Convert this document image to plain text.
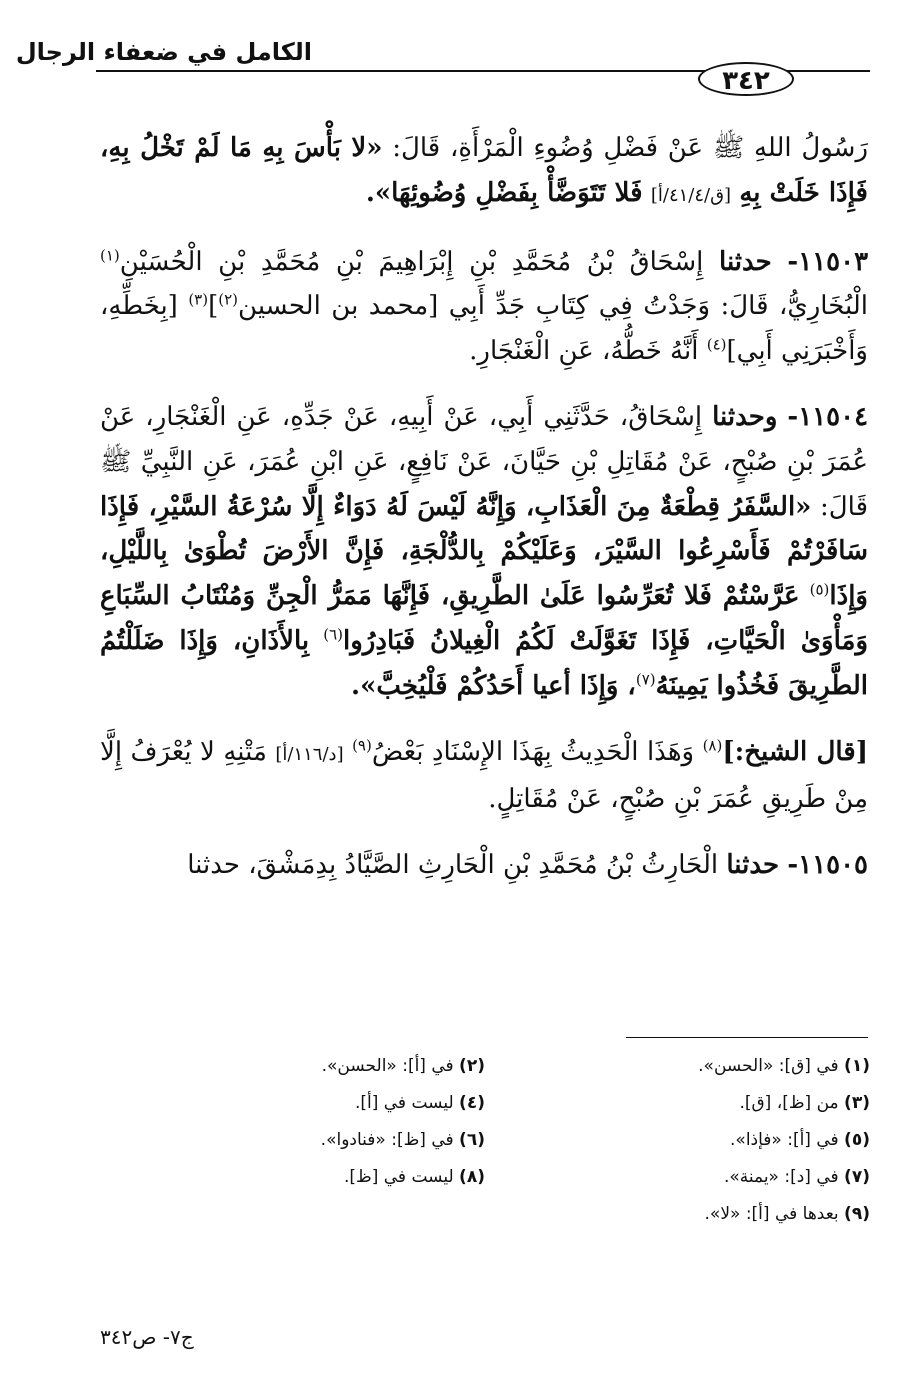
الكامل في ضعفاء الرجال
٣٤٢

رَسُولُ اللهِ ﷺ عَنْ فَضْلِ وُضُوءِ الْمَرْأَةِ، قَالَ: «لا بَأْسَ بِهِ مَا لَمْ تَخْلُ بِهِ، فَإِذَا خَلَتْ بِهِ [ق/٤١/٤/أ] فَلا تَتَوَضَّأْ بِفَضْلِ وُضُوئِهَا».

١١٥٠٣- حدثنا إِسْحَاقُ بْنُ مُحَمَّدِ بْنِ إِبْرَاهِيمَ بْنِ مُحَمَّدِ بْنِ الْحُسَيْنِ$^{(١)}$ الْبُخَارِيُّ، قَالَ: وَجَدْتُ فِي كِتَابِ جَدِّ أَبِي [محمد بن الحسين$^{(٢)}$]$^{(٣)}$ [بِخَطِّهِ، وَأَخْبَرَنِي أَبِي]$^{(٤)}$ أَنَّهُ خَطُّهُ، عَنِ الْغَنْجَارِ.

١١٥٠٤- وحدثنا إِسْحَاقُ، حَدَّثَنِي أَبِي، عَنْ أَبِيهِ، عَنْ جَدِّهِ، عَنِ الْغَنْجَارِ، عَنْ عُمَرَ بْنِ صُبْحٍ، عَنْ مُقَاتِلِ بْنِ حَيَّانَ، عَنْ نَافِعٍ، عَنِ ابْنِ عُمَرَ، عَنِ النَّبِيِّ ﷺ قَالَ: «السَّفَرُ قِطْعَةٌ مِنَ الْعَذَابِ، وَإِنَّهُ لَيْسَ لَهُ دَوَاءٌ إِلَّا سُرْعَةُ السَّيْرِ، فَإِذَا سَافَرْتُمْ فَأَسْرِعُوا السَّيْرَ، وَعَلَيْكُمْ بِالدُّلْجَةِ، فَإِنَّ الأَرْضَ تُطْوَىٰ بِاللَّيْلِ، وَإِذَا$^{(٥)}$ عَرَّسْتُمْ فَلا تُعَرِّسُوا عَلَىٰ الطَّرِيقِ، فَإِنَّهَا مَمَرُّ الْجِنِّ وَمُنْتَابُ السِّبَاعِ وَمَأْوَىٰ الْحَيَّاتِ، فَإِذَا تَغَوَّلَتْ لَكُمُ الْغِيلانُ فَبَادِرُوا$^{(٦)}$ بِالأَذَانِ، وَإِذَا ضَلَلْتُمُ الطَّرِيقَ فَخُذُوا يَمِينَهُ$^{(٧)}$، وَإِذَا أعيا أَحَدُكُمْ فَلْيُخِبَّ».

[قال الشيخ:]$^{(٨)}$ وَهَذَا الْحَدِيثُ بِهَذَا الإِسْنَادِ بَعْضُ$^{(٩)}$ [د/١١٦/أ] مَتْنِهِ لا يُعْرَفُ إِلَّا مِنْ طَرِيقِ عُمَرَ بْنِ صُبْحٍ، عَنْ مُقَاتِلٍ.

١١٥٠٥- حدثنا الْحَارِثُ بْنُ مُحَمَّدِ بْنِ الْحَارِثِ الصَّيَّادُ بِدِمَشْقَ، حدثنا

(١) في [ق]: «الحسن».
(٢) في [أ]: «الحسن».
(٣) من [ظ]، [ق].
(٤) ليست في [أ].
(٥) في [أ]: «فإذا».
(٦) في [ظ]: «فنادوا».
(٧) في [د]: «يمنة».
(٨) ليست في [ظ].
(٩) بعدها في [أ]: «لا».
ج٧- ص٣٤٢
